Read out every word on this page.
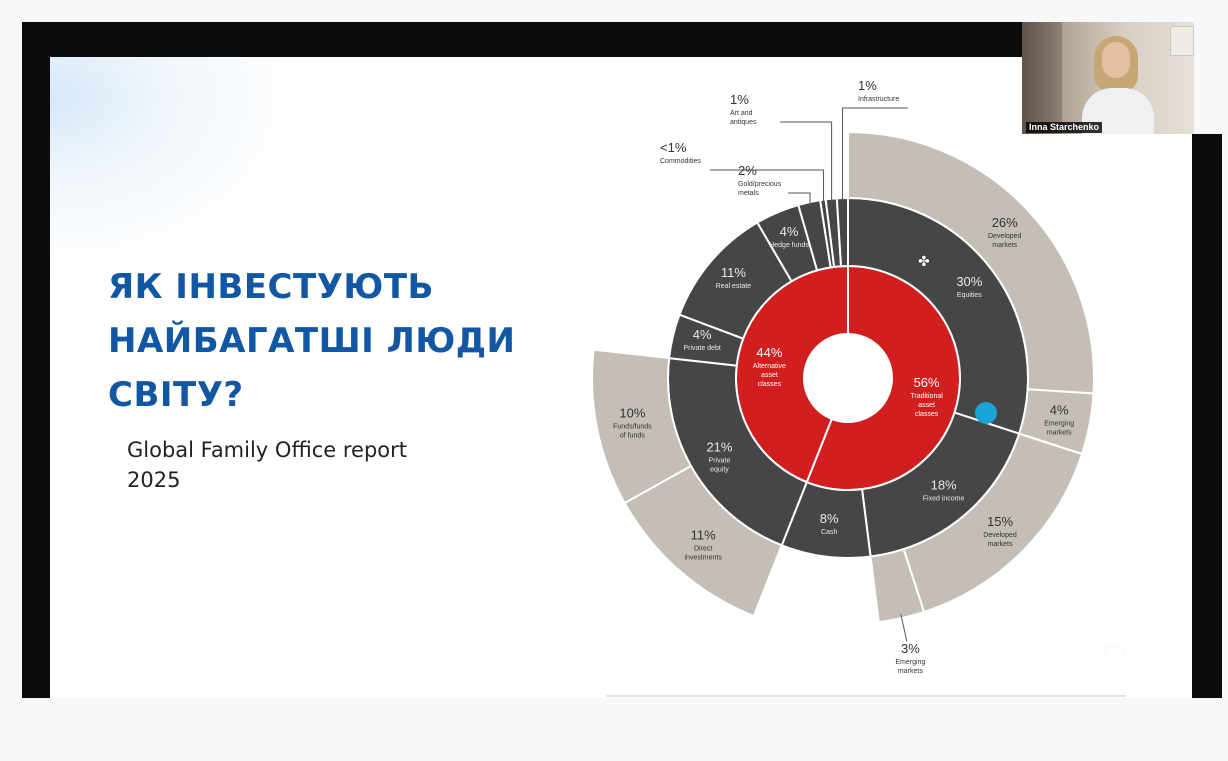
ЯК ІНВЕСТУЮТЬ НАЙБАГАТШІ ЛЮДИ СВІТУ?
Global Family Office report 2025
56%
Traditional
asset
classes
44%
Alternative
asset
classes
30%
Equities
18%
Fixed income
8%
Cash
21%
Private
equity
4%
Private debt
11%
Real estate
4%
Hedge funds
26%
Developed
markets
4%
Emerging
markets
15%
Developed
markets
3%
Emerging
markets
11%
Direct
investments
10%
Funds/funds
of funds
2%
Gold/precious
metals
<1%
Commodities
1%
Art and
antiques
1%
Infrastructure
zoom
Inna Starchenko
✤
